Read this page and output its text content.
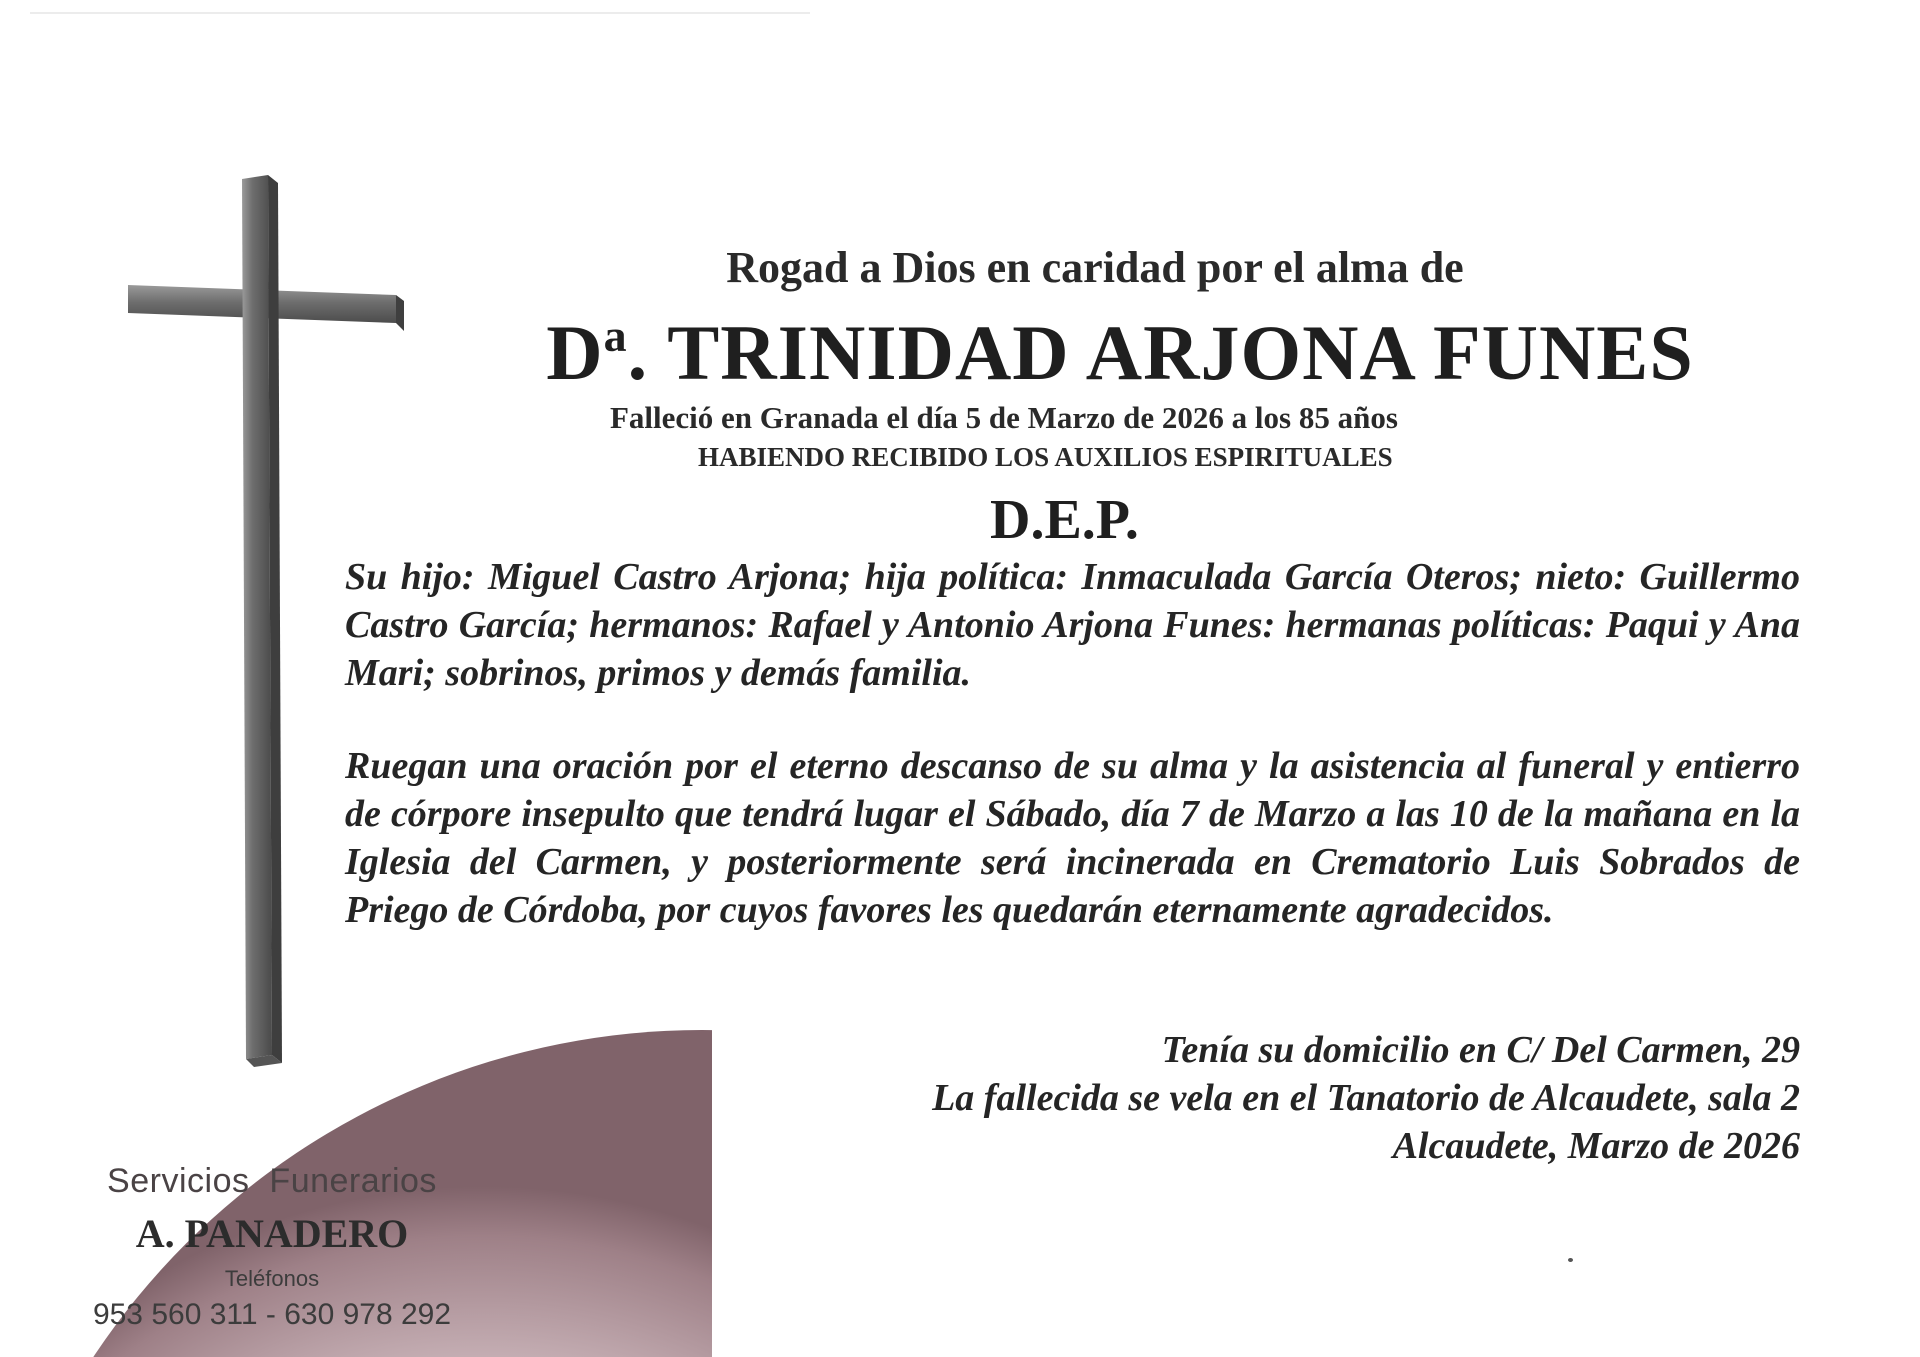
Servicios Funerarios
A. PANADERO
Teléfonos
953 560 311 - 630 978 292
Rogad a Dios en caridad por el alma de
$D^a$. TRINIDAD ARJONA FUNES
Falleció en Granada el día 5 de Marzo de 2026 a los 85 años
HABIENDO RECIBIDO LOS AUXILIOS ESPIRITUALES
D.E.P.
Su hijo: Miguel Castro Arjona; hija política: Inmaculada García Oteros; nieto: Guillermo Castro García; hermanos: Rafael y Antonio Arjona Funes: hermanas políticas: Paqui y Ana Mari; sobrinos, primos y demás familia.
Ruegan una oración por el eterno descanso de su alma y la asistencia al funeral y entierro de córpore insepulto que tendrá lugar el Sábado, día 7 de Marzo a las 10 de la mañana en la Iglesia del Carmen, y posteriormente será incinerada en Crematorio Luis Sobrados de Priego de Córdoba, por cuyos favores les quedarán eternamente agradecidos.
Tenía su domicilio en C/ Del Carmen, 29
La fallecida se vela en el Tanatorio de Alcaudete, sala 2
Alcaudete, Marzo de 2026
